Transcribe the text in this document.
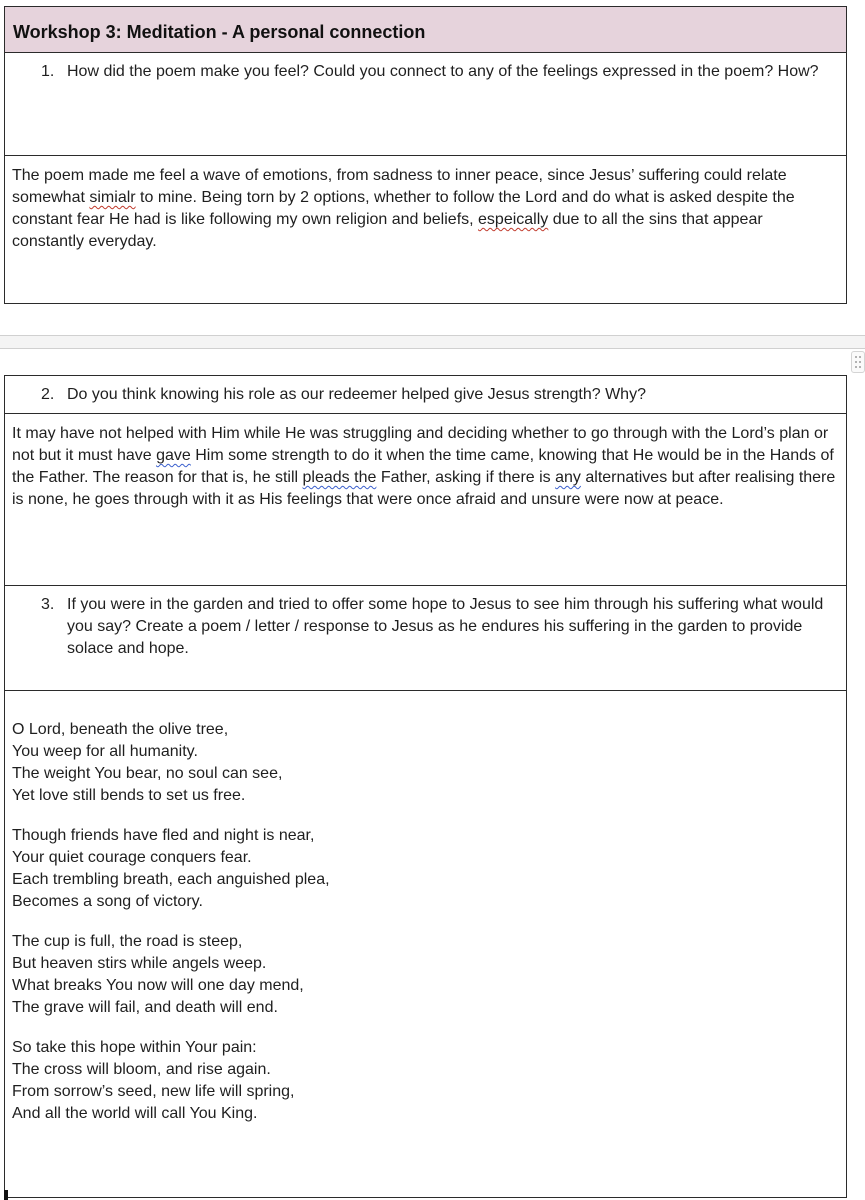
Workshop 3: Meditation - A personal connection
1. How did the poem make you feel? Could you connect to any of the feelings expressed in the poem? How?
The poem made me feel a wave of emotions, from sadness to inner peace, since Jesus’ suffering could relate somewhat simialr to mine. Being torn by 2 options, whether to follow the Lord and do what is asked despite the constant fear He had is like following my own religion and beliefs, espeically due to all the sins that appear constantly everyday.
2. Do you think knowing his role as our redeemer helped give Jesus strength? Why?
It may have not helped with Him while He was struggling and deciding whether to go through with the Lord’s plan or not but it must have gave Him some strength to do it when the time came, knowing that He would be in the Hands of the Father. The reason for that is, he still pleads the Father, asking if there is any alternatives but after realising there is none, he goes through with it as His feelings that were once afraid and unsure were now at peace.
3. If you were in the garden and tried to offer some hope to Jesus to see him through his suffering what would you say? Create a poem / letter / response to Jesus as he endures his suffering in the garden to provide solace and hope.
O Lord, beneath the olive tree,
You weep for all humanity.
The weight You bear, no soul can see,
Yet love still bends to set us free.
Though friends have fled and night is near,
Your quiet courage conquers fear.
Each trembling breath, each anguished plea,
Becomes a song of victory.
The cup is full, the road is steep,
But heaven stirs while angels weep.
What breaks You now will one day mend,
The grave will fail, and death will end.
So take this hope within Your pain:
The cross will bloom, and rise again.
From sorrow’s seed, new life will spring,
And all the world will call You King.
